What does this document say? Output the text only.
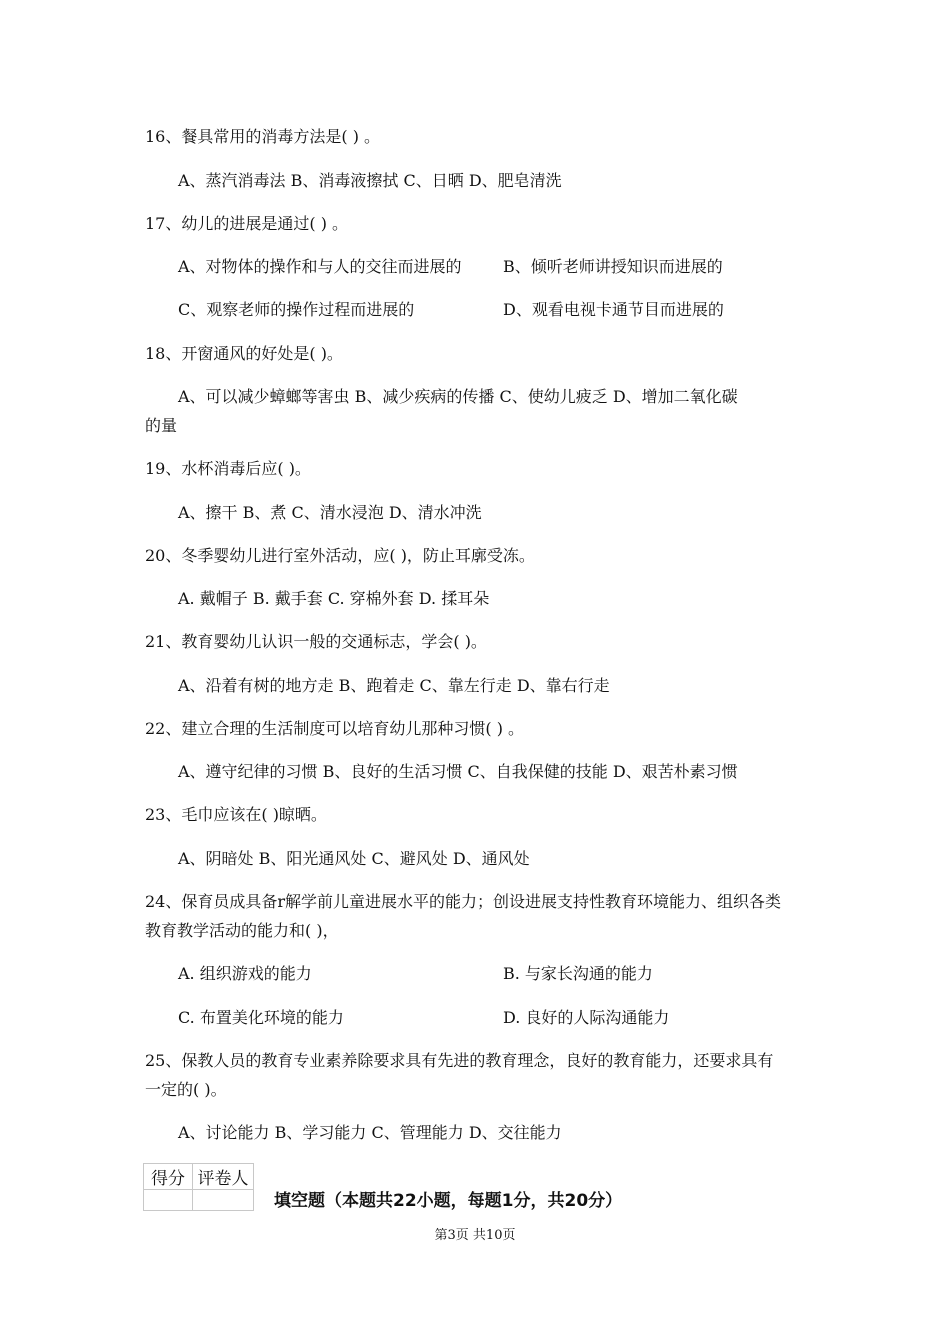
16、餐具常用的消毒方法是( ) 。
A、蒸汽消毒法 B、消毒液擦拭 C、日晒 D、肥皂清洗
17、幼儿的进展是通过( ) 。
A、对物体的操作和与人的交往而进展的	B、倾听老师讲授知识而进展的
C、观察老师的操作过程而进展的	D、观看电视卡通节目而进展的
18、开窗通风的好处是( )。
A、可以减少蟑螂等害虫 B、减少疾病的传播 C、使幼儿疲乏 D、增加二氧化碳
的量
19、水杯消毒后应( )。
A、擦干 B、煮 C、清水浸泡 D、清水冲洗
20、冬季婴幼儿进行室外活动，应( )，防止耳廓受冻。
A. 戴帽子 B. 戴手套 C. 穿棉外套 D. 揉耳朵
21、教育婴幼儿认识一般的交通标志，学会( )。
A、沿着有树的地方走 B、跑着走 C、靠左行走 D、靠右行走
22、建立合理的生活制度可以培育幼儿那种习惯( ) 。
A、遵守纪律的习惯 B、良好的生活习惯 C、自我保健的技能 D、艰苦朴素习惯
23、毛巾应该在( )晾晒。
A、阴暗处 B、阳光通风处 C、避风处 D、通风处
24、保育员成具备r解学前儿童进展水平的能力；创设进展支持性教育环境能力、组织各类
教育教学活动的能力和( )，
A. 组织游戏的能力	B. 与家长沟通的能力
C. 布置美化环境的能力	D. 良好的人际沟通能力
25、保教人员的教育专业素养除要求具有先进的教育理念，良好的教育能力，还要求具有
一定的( )。
A、讨论能力 B、学习能力 C、管理能力 D、交往能力
得分	评卷人

填空题（本题共22小题，每题1分，共20分）
第3页 共10页
